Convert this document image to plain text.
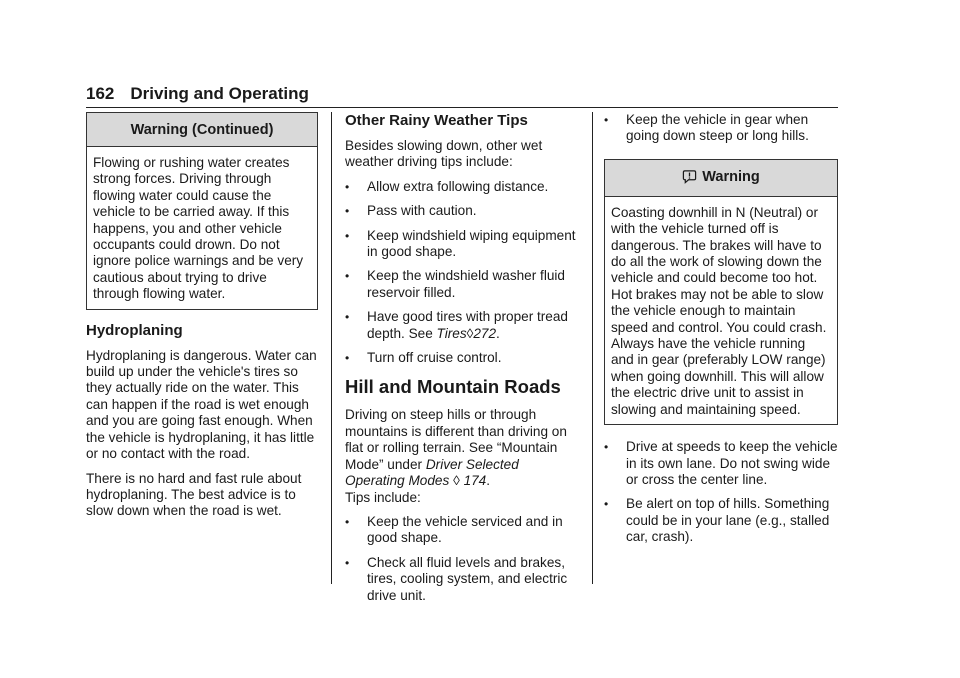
162 Driving and Operating
Warning (Continued)

Flowing or rushing water creates strong forces. Driving through flowing water could cause the vehicle to be carried away. If this happens, you and other vehicle occupants could drown. Do not ignore police warnings and be very cautious about trying to drive through flowing water.

Hydroplaning

Hydroplaning is dangerous. Water can build up under the vehicle's tires so they actually ride on the water. This can happen if the road is wet enough and you are going fast enough. When the vehicle is hydroplaning, it has little or no contact with the road.

There is no hard and fast rule about hydroplaning. The best advice is to slow down when the road is wet.

Other Rainy Weather Tips

Besides slowing down, other wet weather driving tips include:

• Allow extra following distance.
• Pass with caution.
• Keep windshield wiping equipment in good shape.
• Keep the windshield washer fluid reservoir filled.
• Have good tires with proper tread depth. See Tires◊272.
• Turn off cruise control.
Hill and Mountain Roads

Driving on steep hills or through mountains is different than driving on flat or rolling terrain. See “Mountain Mode” under Driver Selected Operating Modes ◊ 174.
Tips include:

• Keep the vehicle serviced and in good shape.
• Check all fluid levels and brakes, tires, cooling system, and electric drive unit.
• Keep the vehicle in gear when going down steep or long hills.
Warning

Coasting downhill in N (Neutral) or with the vehicle turned off is dangerous. The brakes will have to do all the work of slowing down the vehicle and could become too hot. Hot brakes may not be able to slow the vehicle enough to maintain speed and control. You could crash. Always have the vehicle running and in gear (preferably LOW range) when going downhill. This will allow the electric drive unit to assist in slowing and maintaining speed.

• Drive at speeds to keep the vehicle in its own lane. Do not swing wide or cross the center line.
• Be alert on top of hills. Something could be in your lane (e.g., stalled car, crash).
